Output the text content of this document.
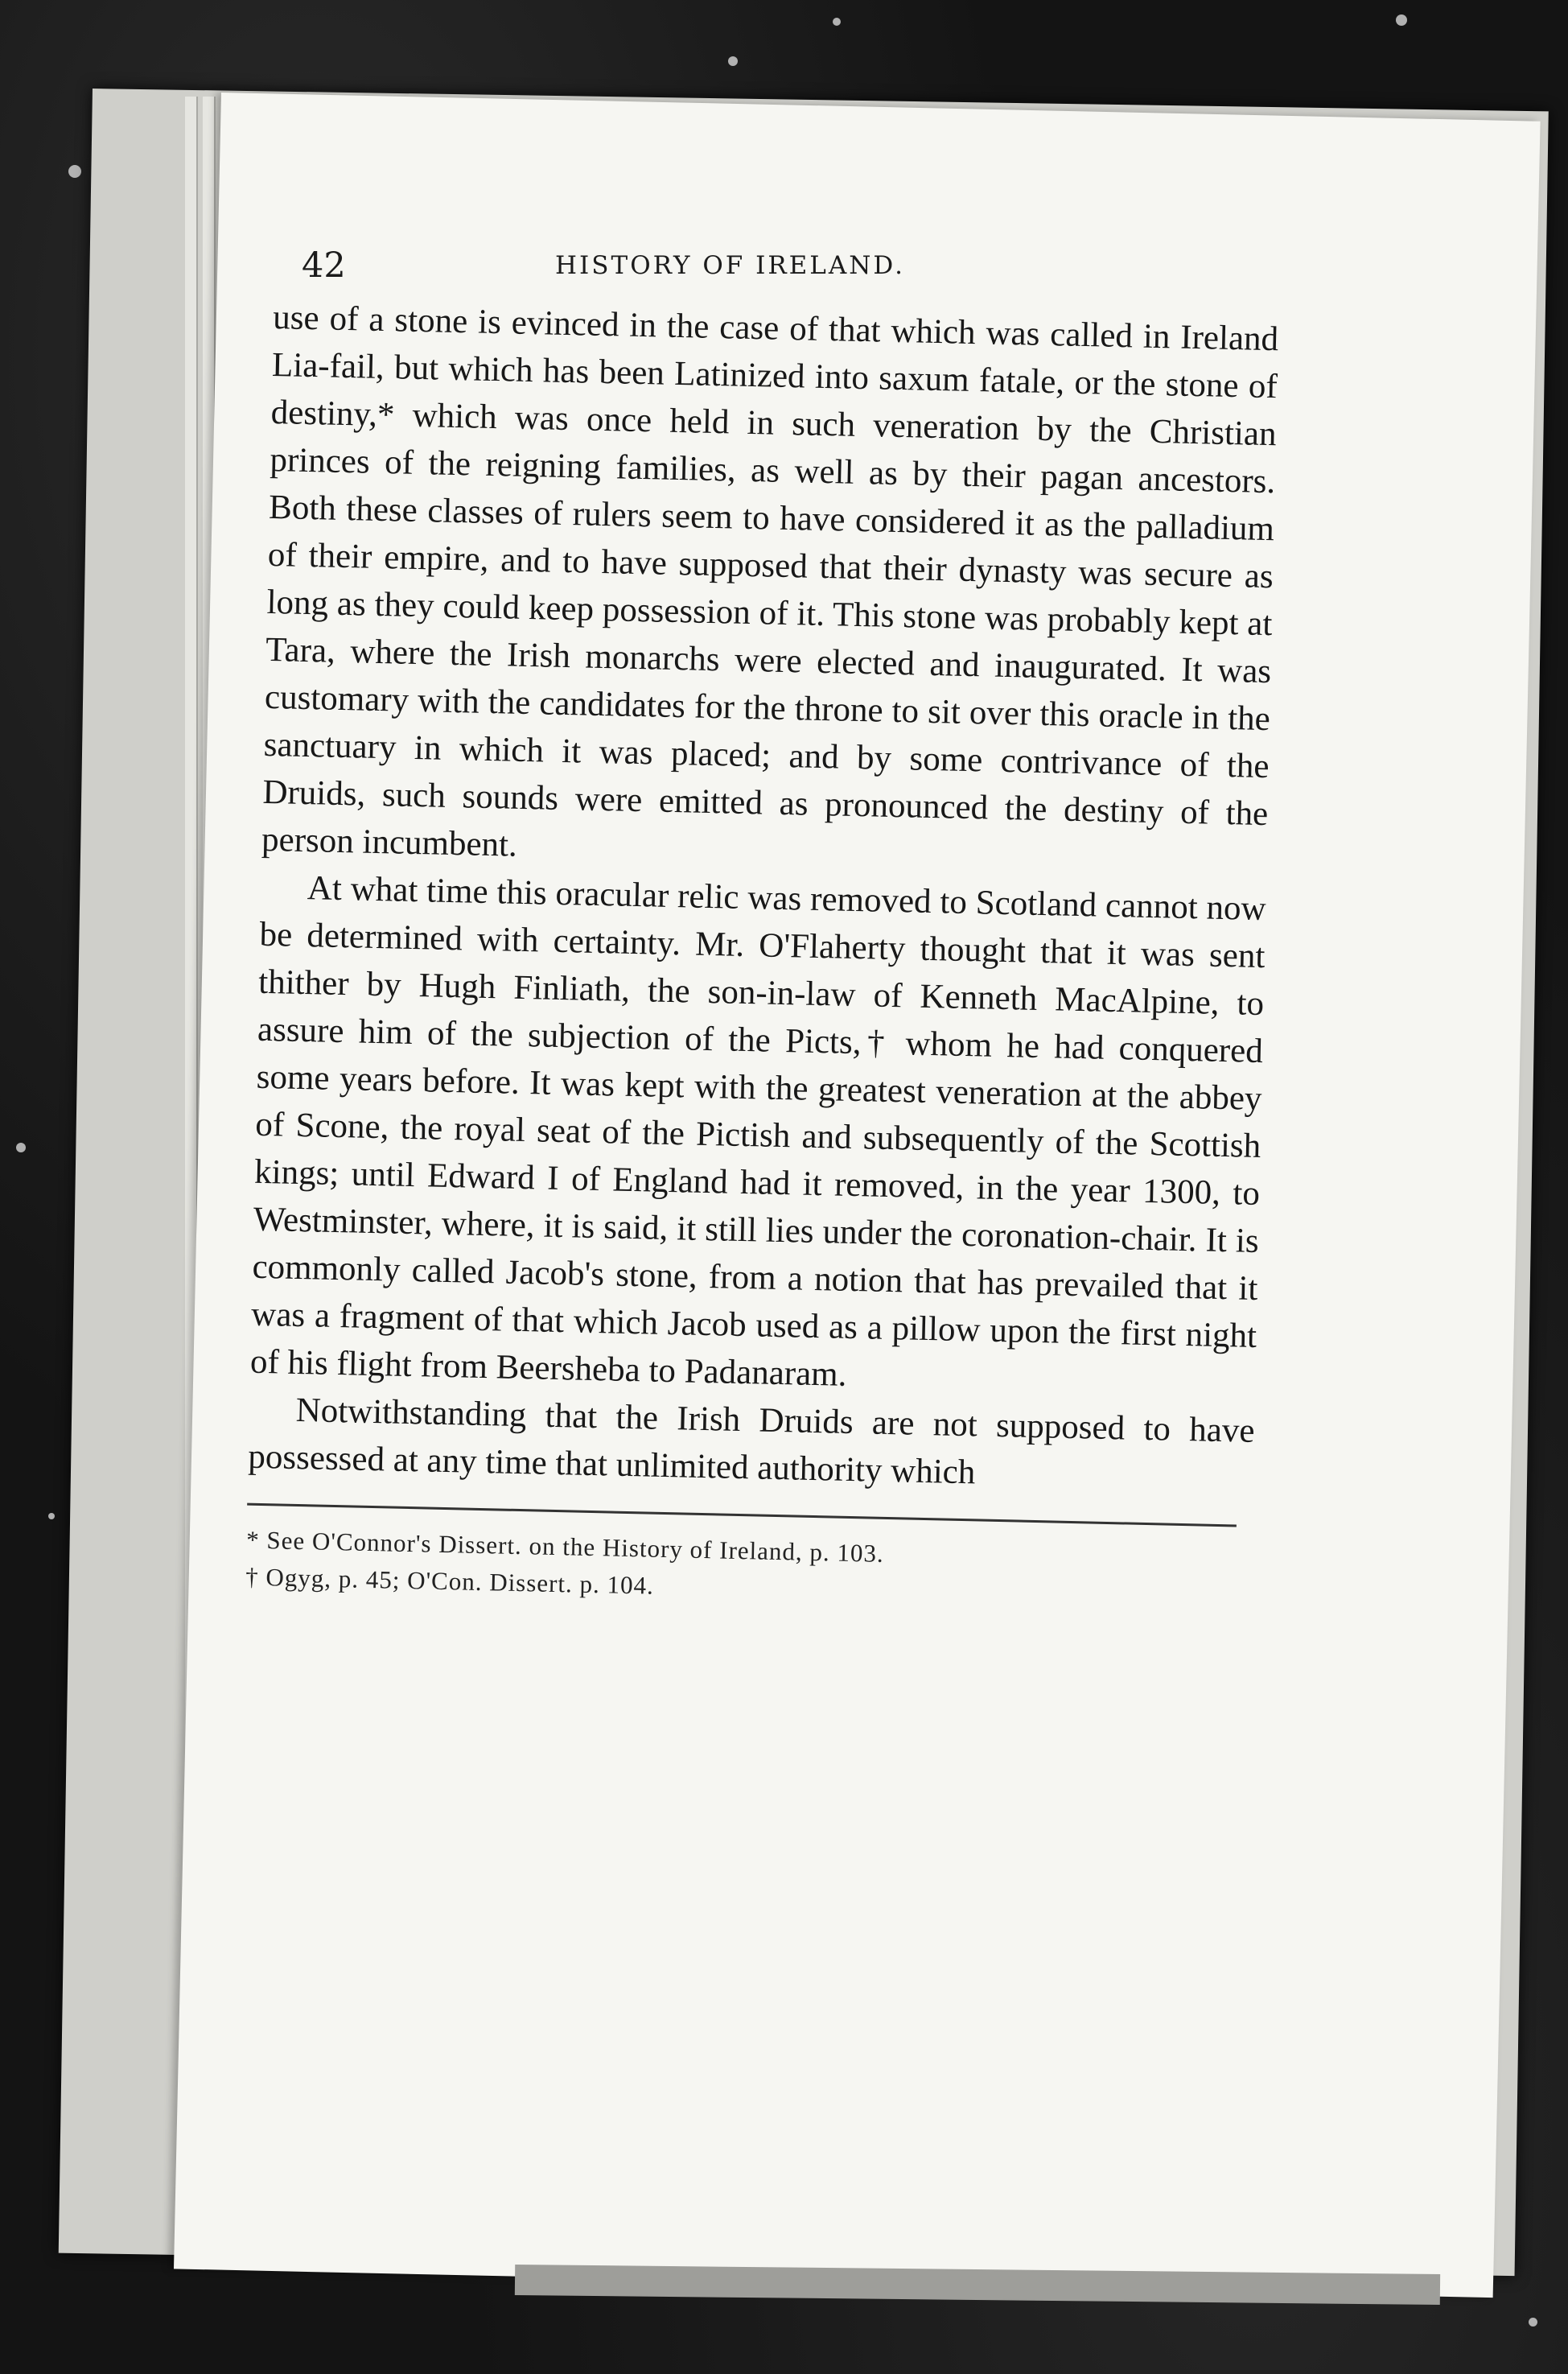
42	HISTORY OF IRELAND.

use of a stone is evinced in the case of that which was called in Ireland Lia-fail, but which has been Latinized into saxum fatale, or the stone of destiny,* which was once held in such veneration by the Christian princes of the reigning families, as well as by their pagan ancestors. Both these classes of rulers seem to have considered it as the palladium of their empire, and to have supposed that their dynasty was secure as long as they could keep possession of it. This stone was probably kept at Tara, where the Irish monarchs were elected and inaugurated. It was customary with the candidates for the throne to sit over this oracle in the sanctuary in which it was placed; and by some contrivance of the Druids, such sounds were emitted as pronounced the destiny of the person incumbent.

At what time this oracular relic was removed to Scotland cannot now be determined with certainty. Mr. O'Flaherty thought that it was sent thither by Hugh Finliath, the son-in-law of Kenneth MacAlpine, to assure him of the subjection of the Picts,† whom he had conquered some years before. It was kept with the greatest veneration at the abbey of Scone, the royal seat of the Pictish and subsequently of the Scottish kings; until Edward I of England had it removed, in the year 1300, to Westminster, where, it is said, it still lies under the coronation-chair. It is commonly called Jacob's stone, from a notion that has prevailed that it was a fragment of that which Jacob used as a pillow upon the first night of his flight from Beersheba to Padanaram.

Notwithstanding that the Irish Druids are not supposed to have possessed at any time that unlimited authority which

* See O'Connor's Dissert. on the History of Ireland, p. 103.

† Ogyg, p. 45; O'Con. Dissert. p. 104.
